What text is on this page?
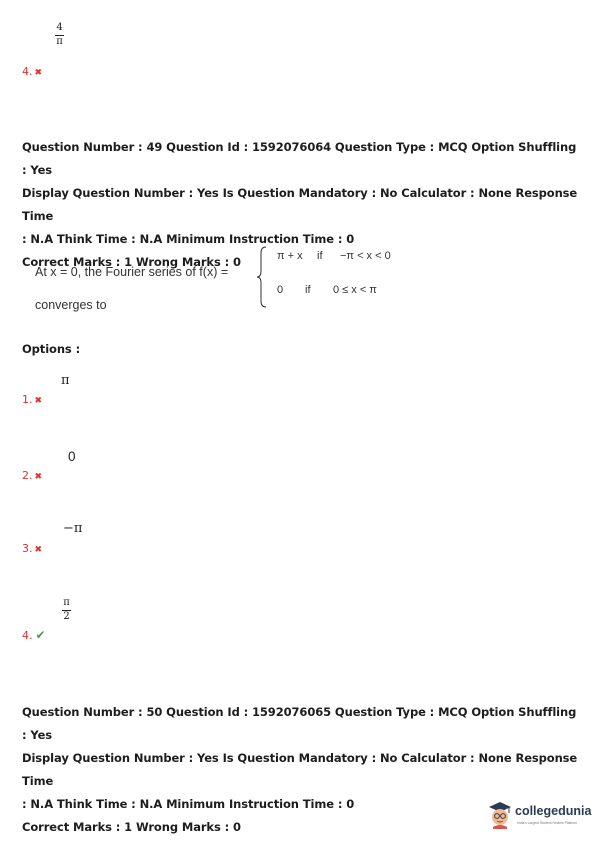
4
π
4. ✖
Question Number : 49 Question Id : 1592076064 Question Type : MCQ Option Shuffling : Yes
Display Question Number : Yes Is Question Mandatory : No Calculator : None Response Time
: N.A Think Time : N.A Minimum Instruction Time : 0
Correct Marks : 1 Wrong Marks : 0
At x = 0, the Fourier series of f(x) =
converges to
π + x if −π < x < 0
0 if 0 ≤ x < π
Options :
π
1. ✖
0
2. ✖
−π
3. ✖
π
2
4. ✔
Question Number : 50 Question Id : 1592076065 Question Type : MCQ Option Shuffling : Yes
Display Question Number : Yes Is Question Mandatory : No Calculator : None Response Time
: N.A Think Time : N.A Minimum Instruction Time : 0
Correct Marks : 1 Wrong Marks : 0
collegedunia
India's Largest Student Review Platform
